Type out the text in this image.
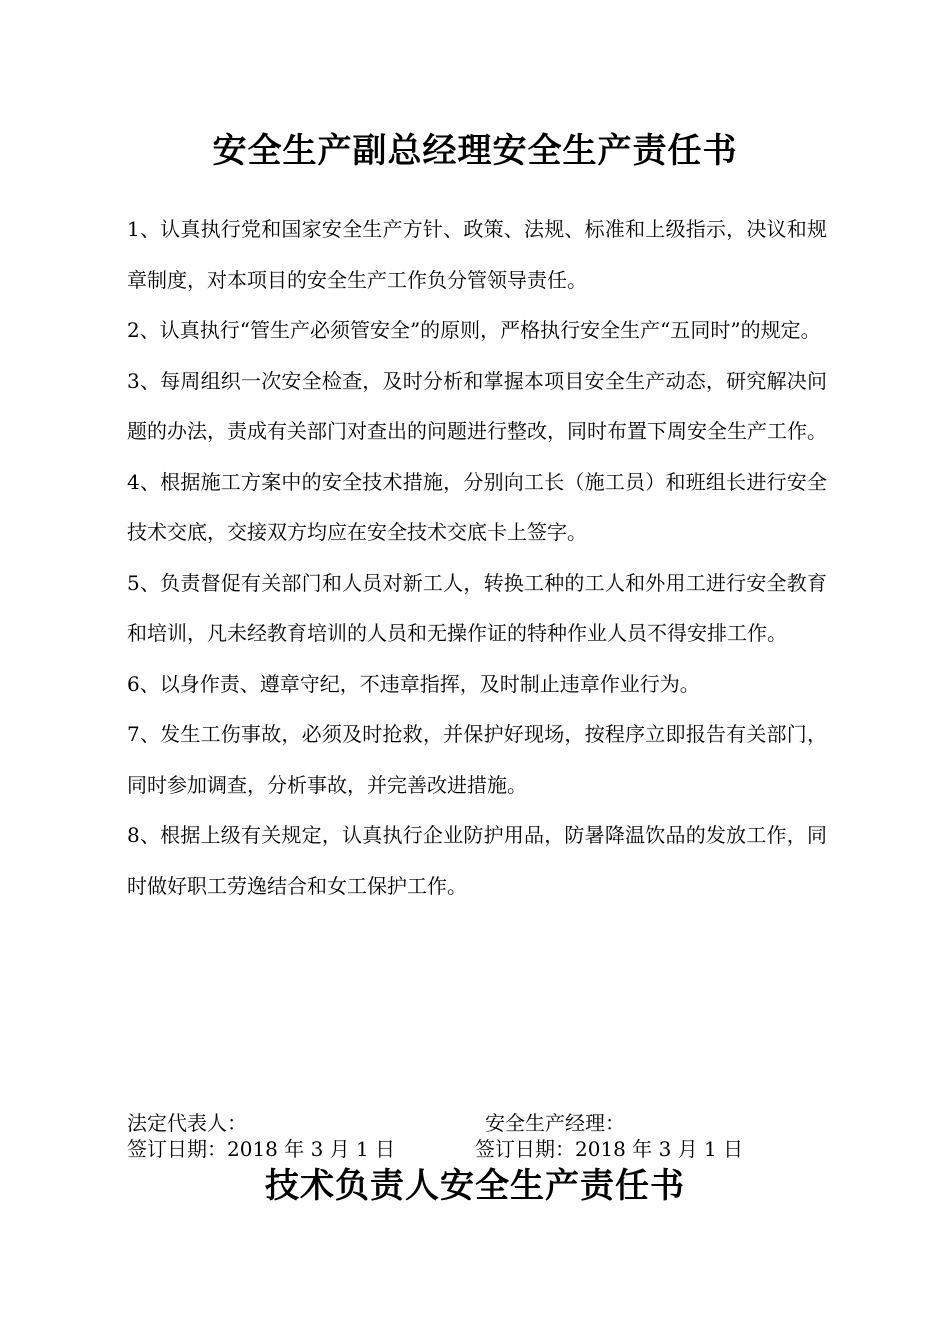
安全生产副总经理安全生产责任书

1、认真执行党和国家安全生产方针、政策、法规、标准和上级指示，决议和规章制度，对本项目的安全生产工作负分管领导责任。

2、认真执行“管生产必须管安全”的原则，严格执行安全生产“五同时”的规定。

3、每周组织一次安全检查，及时分析和掌握本项目安全生产动态，研究解决问题的办法，责成有关部门对查出的问题进行整改，同时布置下周安全生产工作。

4、根据施工方案中的安全技术措施，分别向工长（施工员）和班组长进行安全技术交底，交接双方均应在安全技术交底卡上签字。

5、负责督促有关部门和人员对新工人，转换工种的工人和外用工进行安全教育和培训，凡未经教育培训的人员和无操作证的特种作业人员不得安排工作。

6、以身作责、遵章守纪，不违章指挥，及时制止违章作业行为。

7、发生工伤事故，必须及时抢救，并保护好现场，按程序立即报告有关部门，同时参加调查，分析事故，并完善改进措施。

8、根据上级有关规定，认真执行企业防护用品，防暑降温饮品的发放工作，同时做好职工劳逸结合和女工保护工作。

法定代表人：
签订日期：2018 年 3 月 1 日
安全生产经理：
签订日期：2018 年 3 月 1 日
技术负责人安全生产责任书
